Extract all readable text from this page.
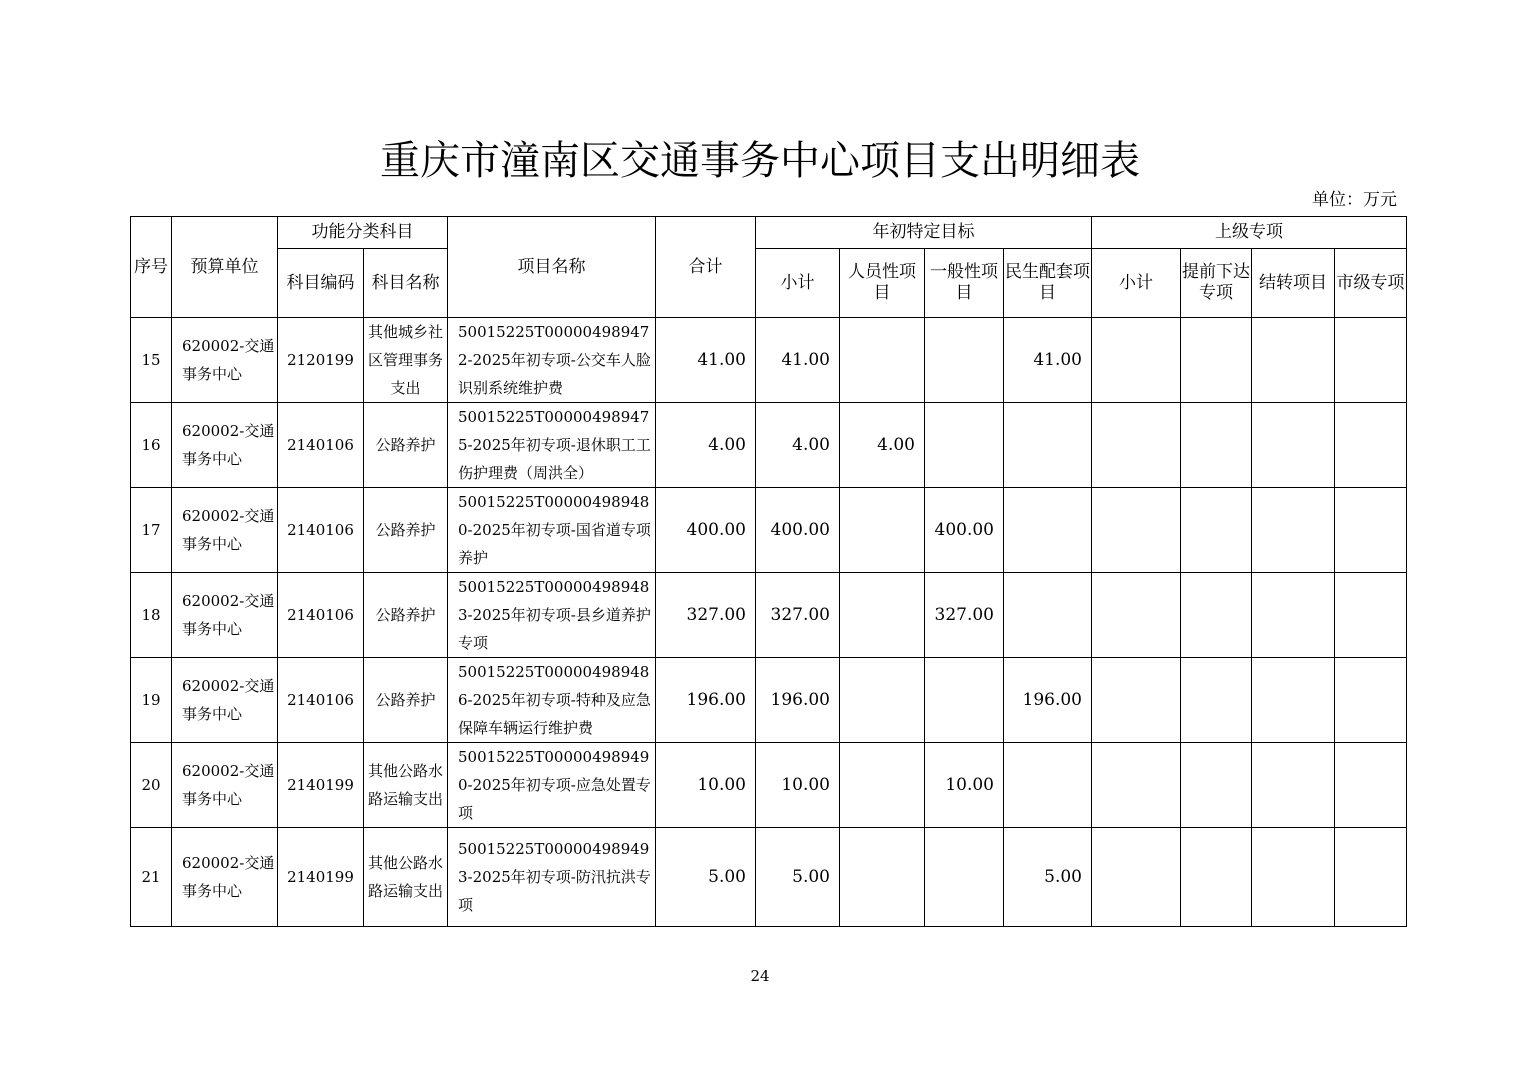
重庆市潼南区交通事务中心项目支出明细表
单位：万元
序号	预算单位	功能分类科目		项目名称	合计	年初特定目标				上级专项			
		科目编码	科目名称			小计	人员性项目	一般性项目	民生配套项目	小计	提前下达专项	结转项目	市级专项
15	620002-交通事务中心	2120199	其他城乡社区管理事务支出	50015225T000004989472-2025年初专项-公交车人脸识别系统维护费	41.00	41.00			41.00				
16	620002-交通事务中心	2140106	公路养护	50015225T000004989475-2025年初专项-退休职工工伤护理费（周洪全）	4.00	4.00	4.00						
17	620002-交通事务中心	2140106	公路养护	50015225T000004989480-2025年初专项-国省道专项养护	400.00	400.00		400.00					
18	620002-交通事务中心	2140106	公路养护	50015225T000004989483-2025年初专项-县乡道养护专项	327.00	327.00		327.00					
19	620002-交通事务中心	2140106	公路养护	50015225T000004989486-2025年初专项-特种及应急保障车辆运行维护费	196.00	196.00			196.00				
20	620002-交通事务中心	2140199	其他公路水路运输支出	50015225T000004989490-2025年初专项-应急处置专项	10.00	10.00		10.00					
21	620002-交通事务中心	2140199	其他公路水路运输支出	50015225T000004989493-2025年初专项-防汛抗洪专项	5.00	5.00			5.00				
24
